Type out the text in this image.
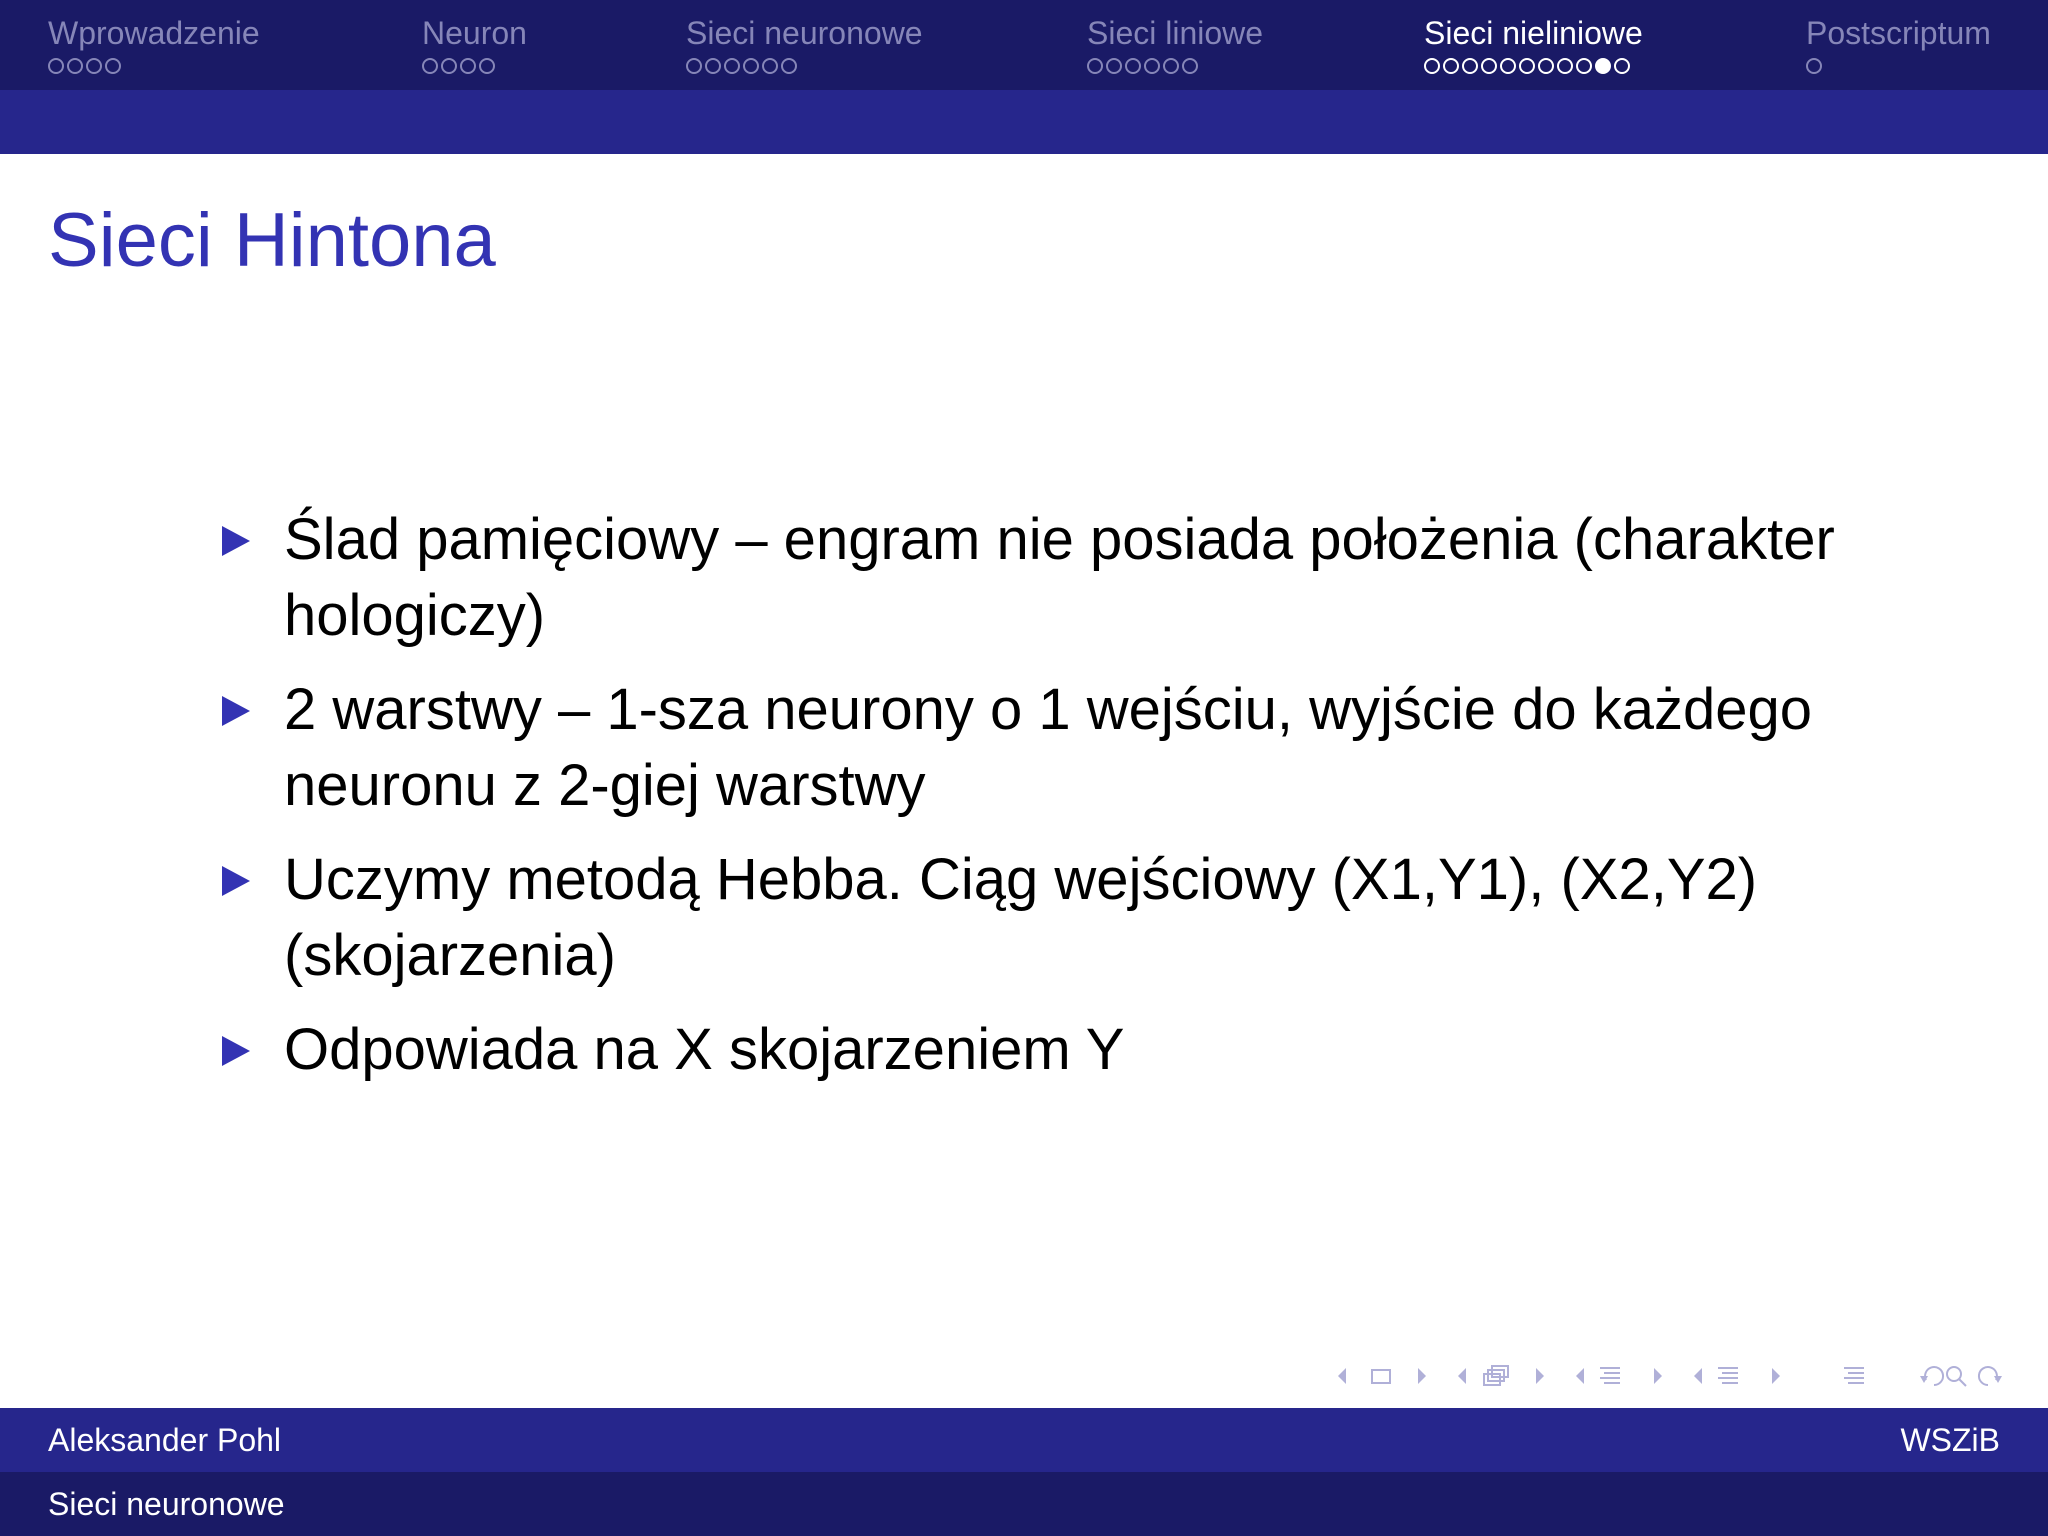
Wprowadzenie	Neuron	Sieci neuronowe	Sieci liniowe	Sieci nieliniowe	Postscriptum
Sieci Hintona
Ślad pamięciowy – engram nie posiada położenia (charakter hologiczy)
2 warstwy – 1-sza neurony o 1 wejściu, wyjście do każdego neuronu z 2-giej warstwy
Uczymy metodą Hebba. Ciąg wejściowy (X1,Y1), (X2,Y2) (skojarzenia)
Odpowiada na X skojarzeniem Y
Aleksander Pohl	WSZiB
Sieci neuronowe
